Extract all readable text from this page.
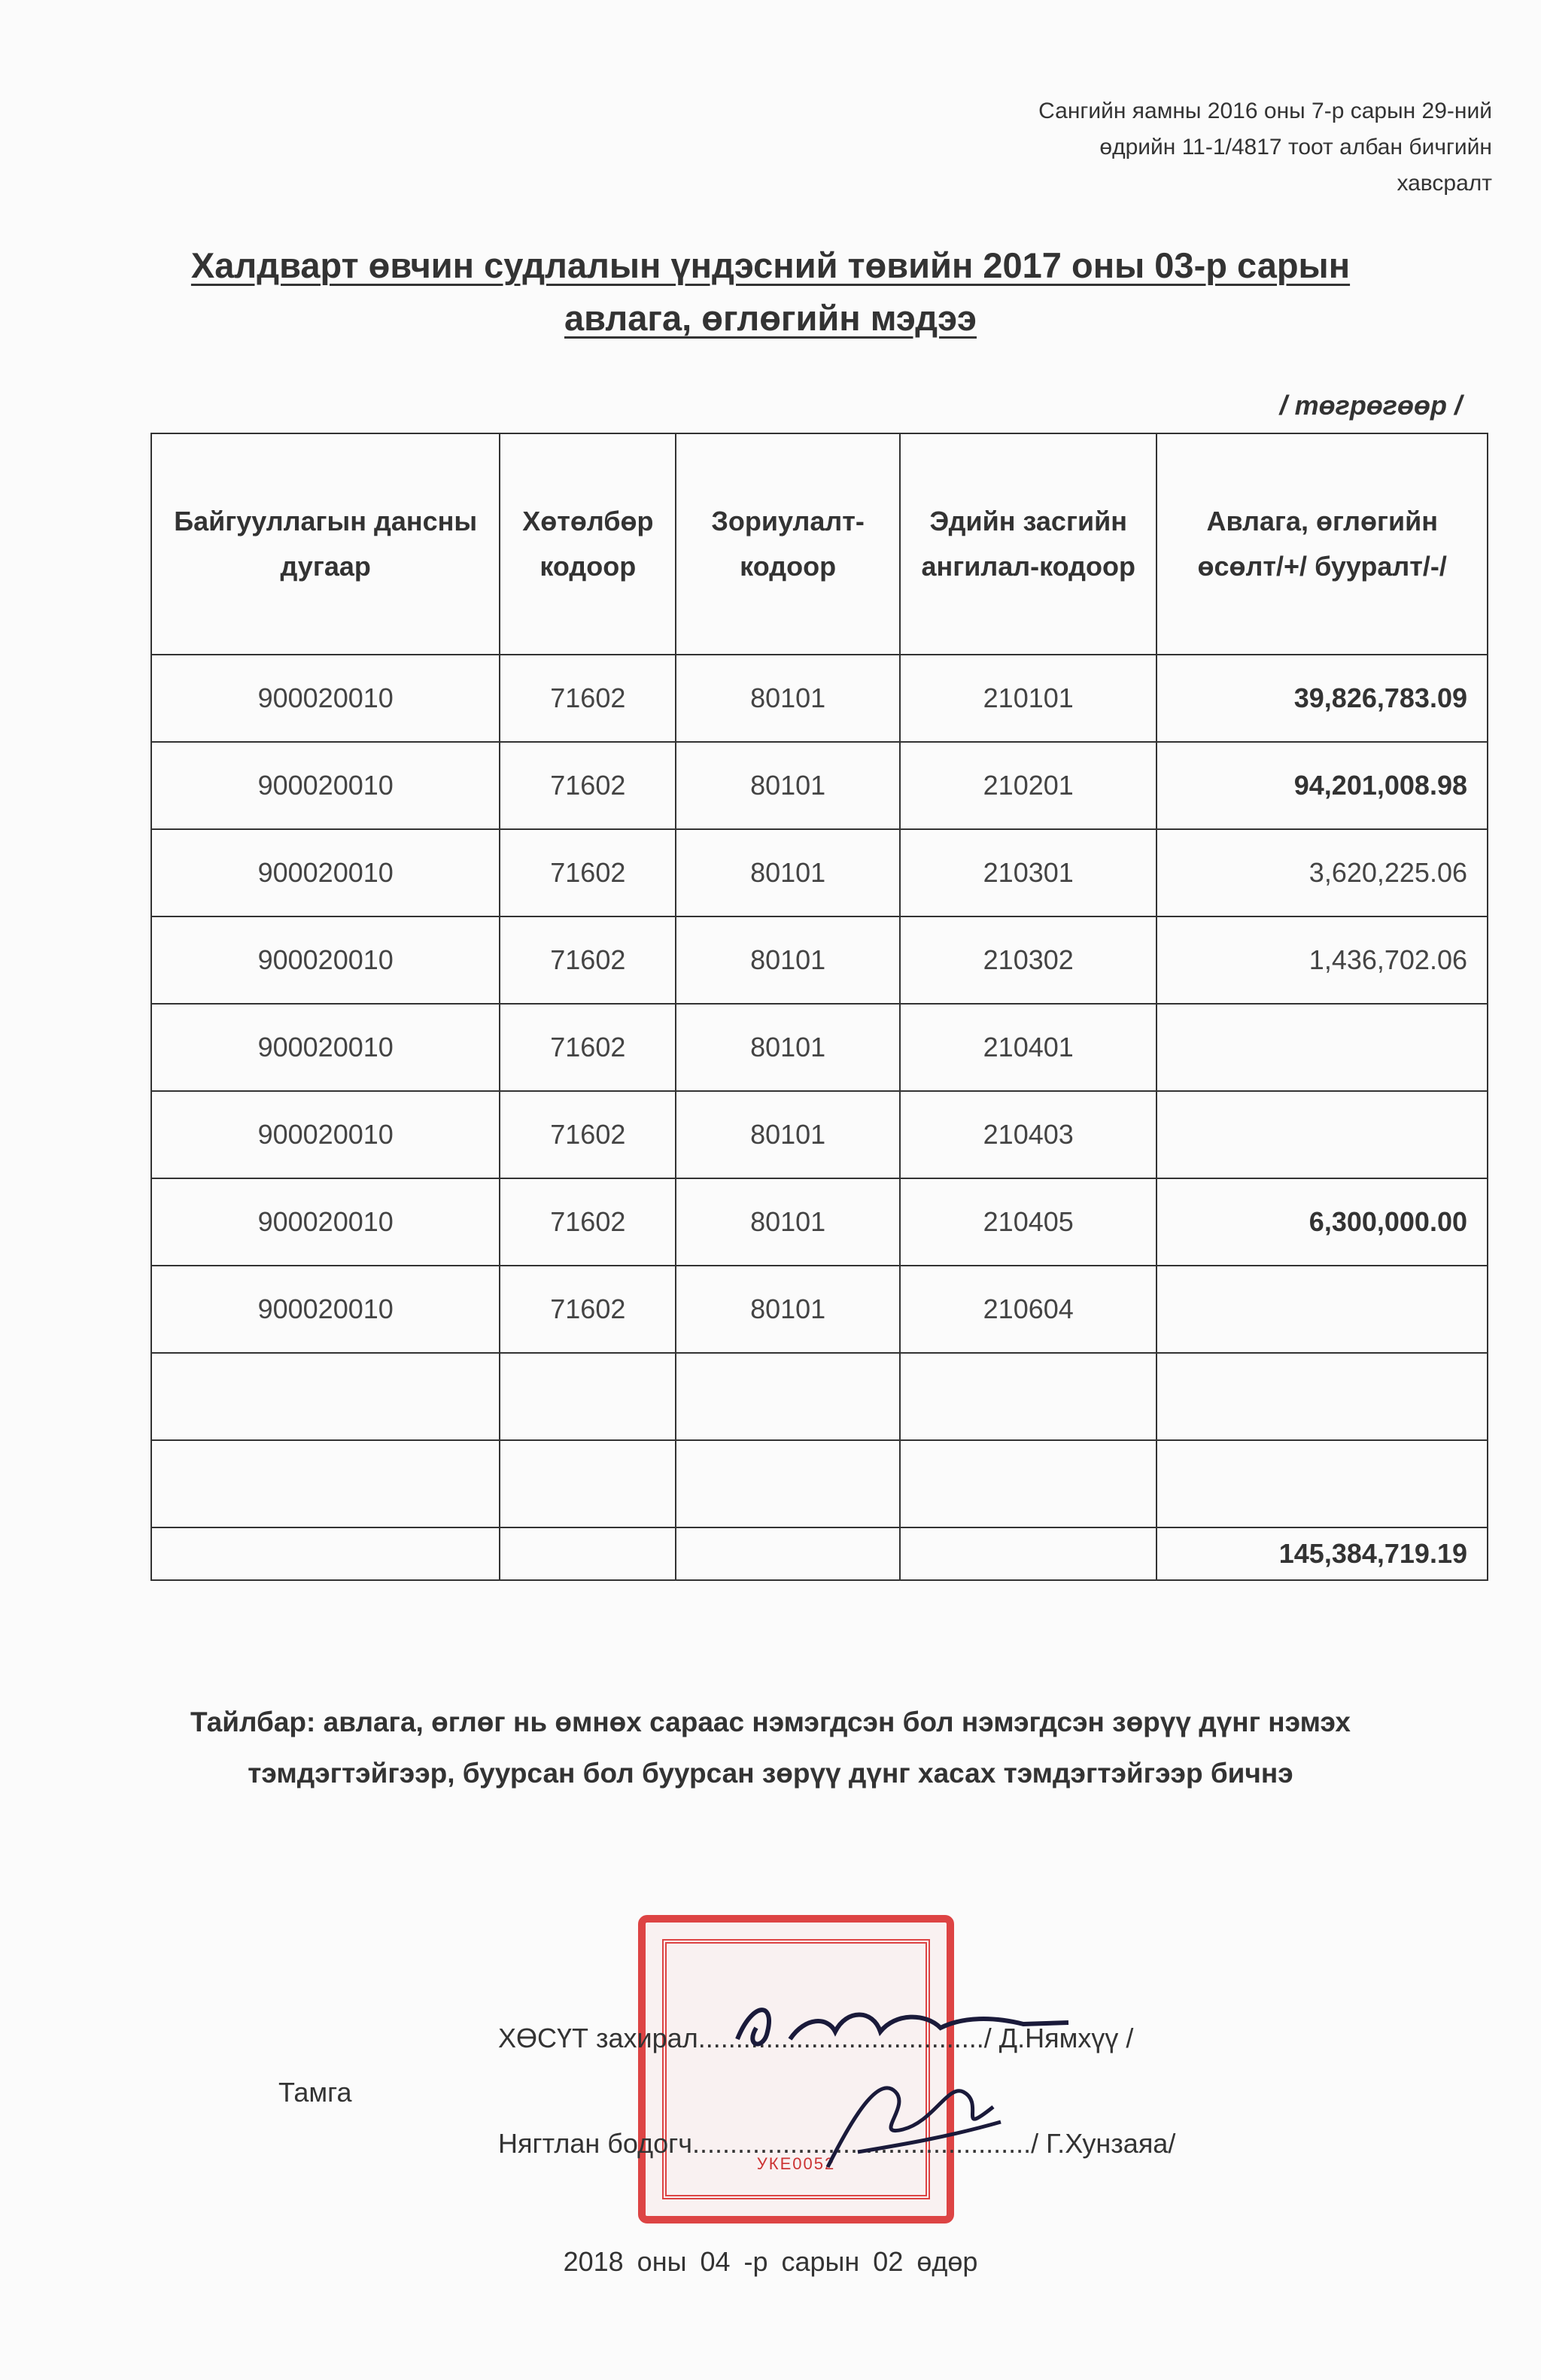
Сангийн яамны 2016 оны 7-р сарын 29-ний
өдрийн 11-1/4817 тоот албан бичгийн
хавсралт
Халдварт өвчин судлалын үндэсний төвийн 2017 оны 03-р сарын
авлага, өглөгийн мэдээ
/ төгрөгөөр /
Байгууллагын дансны дугаар	Хөтөлбөр кодоор	Зориулалт-кодоор	Эдийн засгийн ангилал-кодоор	Авлага, өглөгийн өсөлт/+/ бууралт/-/
900020010	71602	80101	210101	39,826,783.09
900020010	71602	80101	210201	94,201,008.98
900020010	71602	80101	210301	3,620,225.06
900020010	71602	80101	210302	1,436,702.06
900020010	71602	80101	210401	
900020010	71602	80101	210403	
900020010	71602	80101	210405	6,300,000.00
900020010	71602	80101	210604	

				145,384,719.19
Тайлбар: авлага, өглөг нь өмнөх сараас нэмэгдсэн бол нэмэгдсэн зөрүү дүнг нэмэх
тэмдэгтэйгээр, буурсан бол буурсан зөрүү дүнг хасах тэмдэгтэйгээр бичнэ
УКЕ0052
Тамга
ХӨСҮТ захирал....................................../ Д.Нямхүү /
Нягтлан бодогч............................................./ Г.Хунзаяа/
2018 оны 04 -р сарын 02 өдөр
